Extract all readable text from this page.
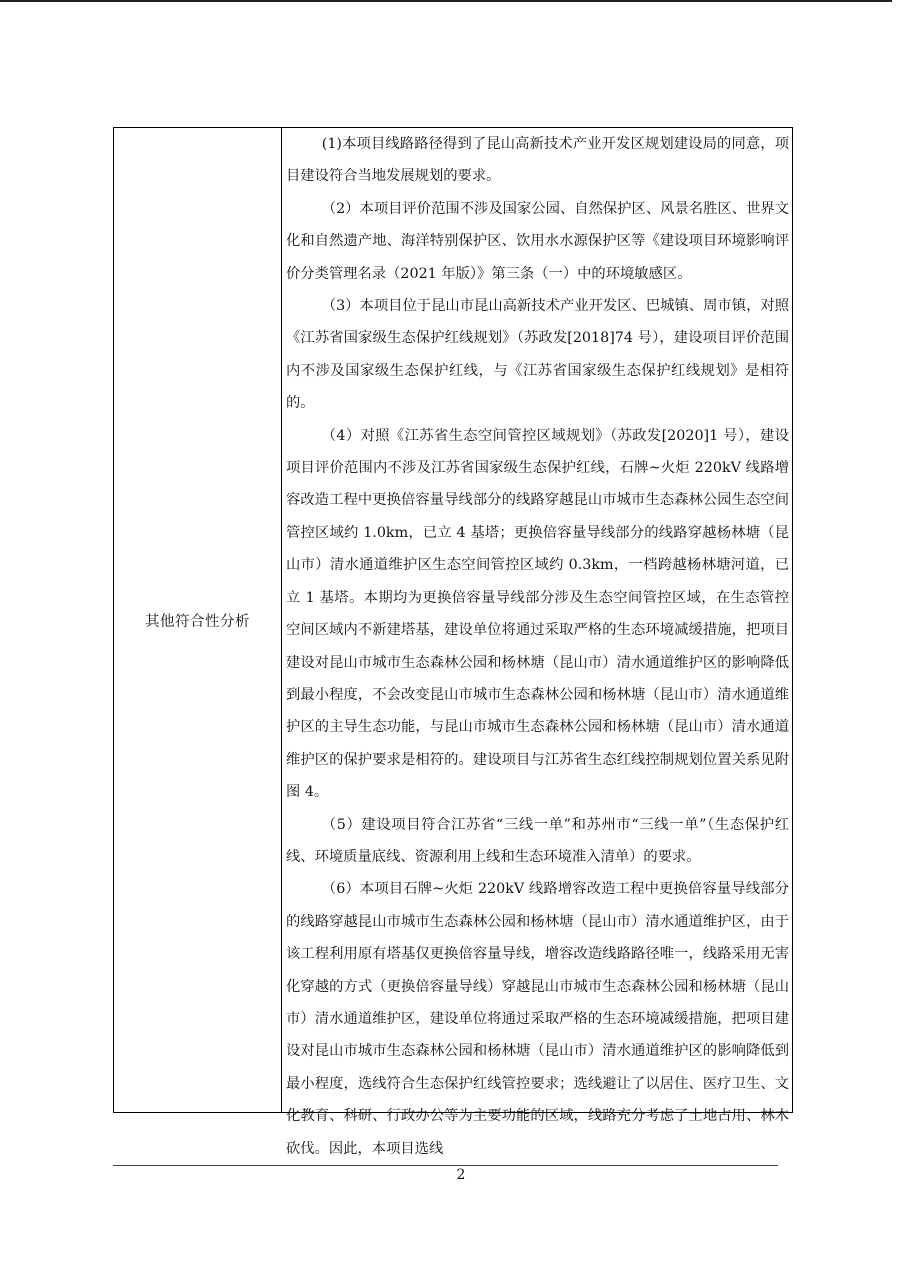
其他符合性分析

(1)本项目线路路径得到了昆山高新技术产业开发区规划建设局的同意，项目建设符合当地发展规划的要求。

（2）本项目评价范围不涉及国家公园、自然保护区、风景名胜区、世界文化和自然遗产地、海洋特别保护区、饮用水水源保护区等《建设项目环境影响评价分类管理名录（2021 年版）》第三条（一）中的环境敏感区。

（3）本项目位于昆山市昆山高新技术产业开发区、巴城镇、周市镇，对照《江苏省国家级生态保护红线规划》（苏政发[2018]74 号），建设项目评价范围内不涉及国家级生态保护红线，与《江苏省国家级生态保护红线规划》是相符的。

（4）对照《江苏省生态空间管控区域规划》（苏政发[2020]1 号），建设项目评价范围内不涉及江苏省国家级生态保护红线，石牌~火炬 220kV 线路增容改造工程中更换倍容量导线部分的线路穿越昆山市城市生态森林公园生态空间管控区域约 1.0km，已立 4 基塔；更换倍容量导线部分的线路穿越杨林塘（昆山市）清水通道维护区生态空间管控区域约 0.3km，一档跨越杨林塘河道，已立 1 基塔。本期均为更换倍容量导线部分涉及生态空间管控区域，在生态管控空间区域内不新建塔基，建设单位将通过采取严格的生态环境减缓措施，把项目建设对昆山市城市生态森林公园和杨林塘（昆山市）清水通道维护区的影响降低到最小程度，不会改变昆山市城市生态森林公园和杨林塘（昆山市）清水通道维护区的主导生态功能，与昆山市城市生态森林公园和杨林塘（昆山市）清水通道维护区的保护要求是相符的。建设项目与江苏省生态红线控制规划位置关系见附图 4。

（5）建设项目符合江苏省“三线一单”和苏州市“三线一单”（生态保护红线、环境质量底线、资源利用上线和生态环境准入清单）的要求。

（6）本项目石牌~火炬 220kV 线路增容改造工程中更换倍容量导线部分的线路穿越昆山市城市生态森林公园和杨林塘（昆山市）清水通道维护区，由于该工程利用原有塔基仅更换倍容量导线，增容改造线路路径唯一，线路采用无害化穿越的方式（更换倍容量导线）穿越昆山市城市生态森林公园和杨林塘（昆山市）清水通道维护区，建设单位将通过采取严格的生态环境减缓措施，把项目建设对昆山市城市生态森林公园和杨林塘（昆山市）清水通道维护区的影响降低到最小程度，选线符合生态保护红线管控要求；选线避让了以居住、医疗卫生、文化教育、科研、行政办公等为主要功能的区域，线路充分考虑了土地占用、林木砍伐。因此，本项目选线

2
